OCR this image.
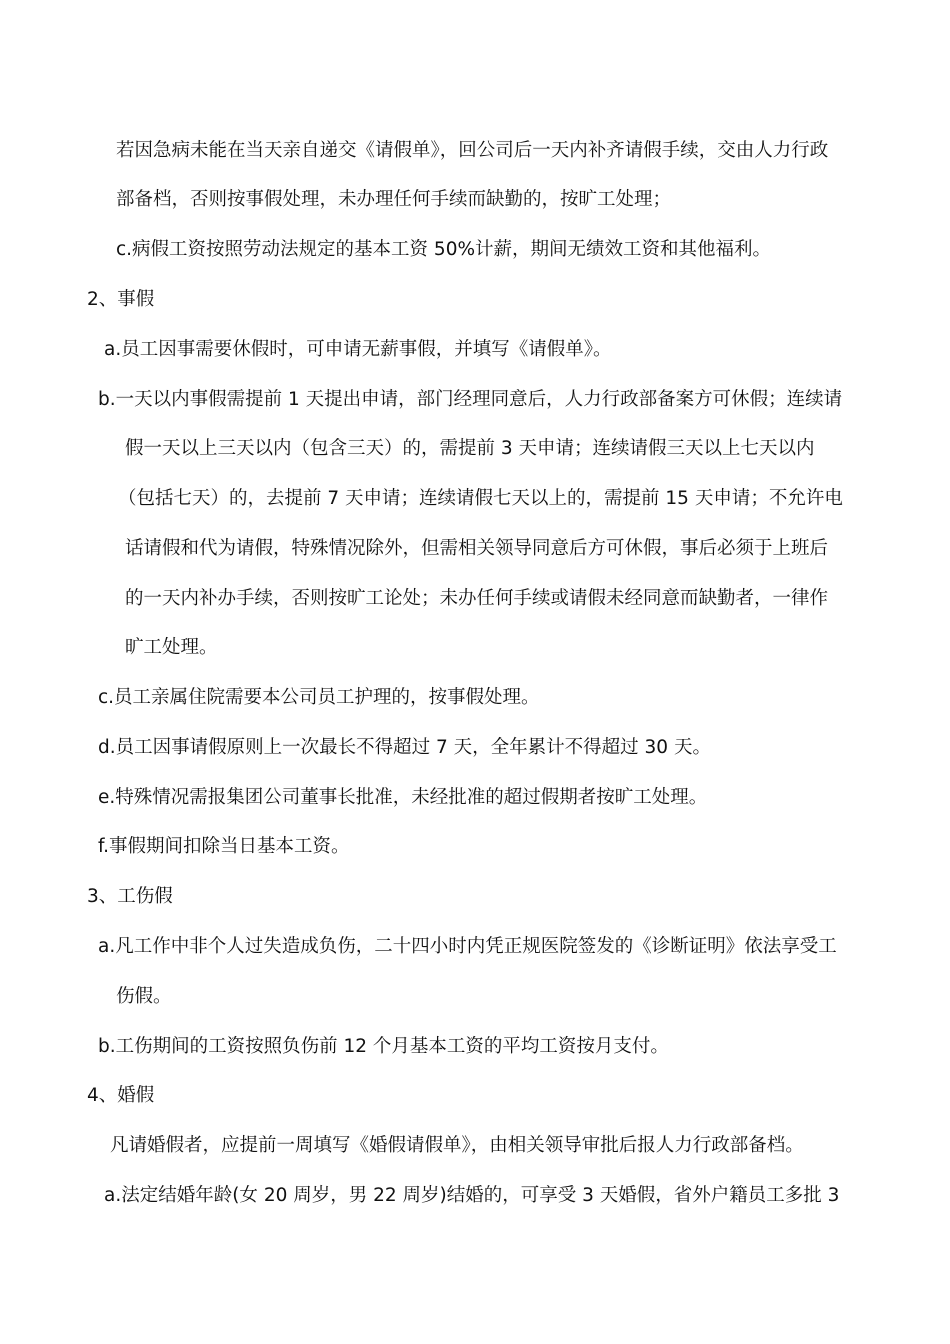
若因急病未能在当天亲自递交《请假单》，回公司后一天内补齐请假手续，交由人力行政
部备档，否则按事假处理，未办理任何手续而缺勤的，按旷工处理；
c.病假工资按照劳动法规定的基本工资 50%计薪，期间无绩效工资和其他福利。
2、事假
a.员工因事需要休假时，可申请无薪事假，并填写《请假单》。
b.一天以内事假需提前 1 天提出申请，部门经理同意后，人力行政部备案方可休假；连续请
假一天以上三天以内（包含三天）的，需提前 3 天申请；连续请假三天以上七天以内
（包括七天）的，去提前 7 天申请；连续请假七天以上的，需提前 15 天申请；不允许电
话请假和代为请假，特殊情况除外，但需相关领导同意后方可休假，事后必须于上班后
的一天内补办手续，否则按旷工论处；未办任何手续或请假未经同意而缺勤者，一律作
旷工处理。
c.员工亲属住院需要本公司员工护理的，按事假处理。
d.员工因事请假原则上一次最长不得超过 7 天，全年累计不得超过 30 天。
e.特殊情况需报集团公司董事长批准，未经批准的超过假期者按旷工处理。
f.事假期间扣除当日基本工资。
3、工伤假
a.凡工作中非个人过失造成负伤，二十四小时内凭正规医院签发的《诊断证明》依法享受工
伤假。
b.工伤期间的工资按照负伤前 12 个月基本工资的平均工资按月支付。
4、婚假
凡请婚假者，应提前一周填写《婚假请假单》，由相关领导审批后报人力行政部备档。
a.法定结婚年龄(女 20 周岁，男 22 周岁)结婚的，可享受 3 天婚假，省外户籍员工多批 3
